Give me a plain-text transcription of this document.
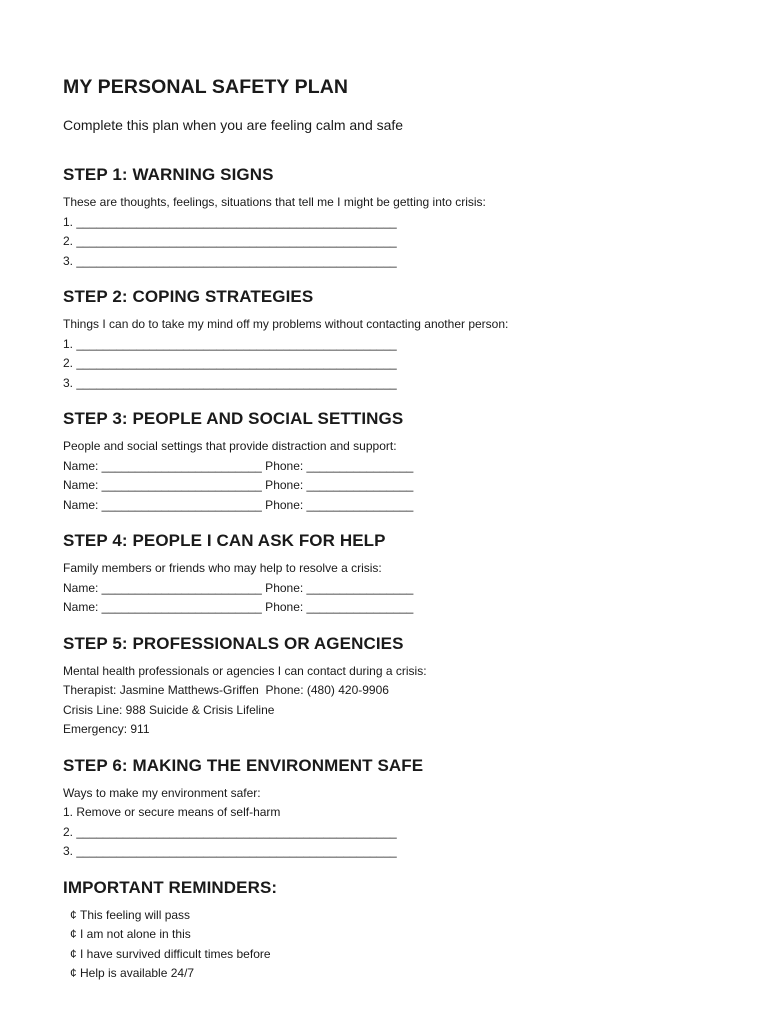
MY PERSONAL SAFETY PLAN

Complete this plan when you are feeling calm and safe

STEP 1: WARNING SIGNS

These are thoughts, feelings, situations that tell me I might be getting into crisis:

1. ________________________________________________

2. ________________________________________________

3. ________________________________________________

STEP 2: COPING STRATEGIES

Things I can do to take my mind off my problems without contacting another person:

1. ________________________________________________

2. ________________________________________________

3. ________________________________________________

STEP 3: PEOPLE AND SOCIAL SETTINGS

People and social settings that provide distraction and support:

Name: ________________________ Phone: ________________

Name: ________________________ Phone: ________________

Name: ________________________ Phone: ________________

STEP 4: PEOPLE I CAN ASK FOR HELP

Family members or friends who may help to resolve a crisis:

Name: ________________________ Phone: ________________

Name: ________________________ Phone: ________________

STEP 5: PROFESSIONALS OR AGENCIES

Mental health professionals or agencies I can contact during a crisis:

Therapist: Jasmine Matthews-Griffen  Phone: (480) 420-9906

Crisis Line: 988 Suicide & Crisis Lifeline

Emergency: 911

STEP 6: MAKING THE ENVIRONMENT SAFE

Ways to make my environment safer:

1. Remove or secure means of self-harm

2. ________________________________________________

3. ________________________________________________

IMPORTANT REMINDERS:

¢ This feeling will pass

¢ I am not alone in this

¢ I have survived difficult times before

¢ Help is available 24/7
